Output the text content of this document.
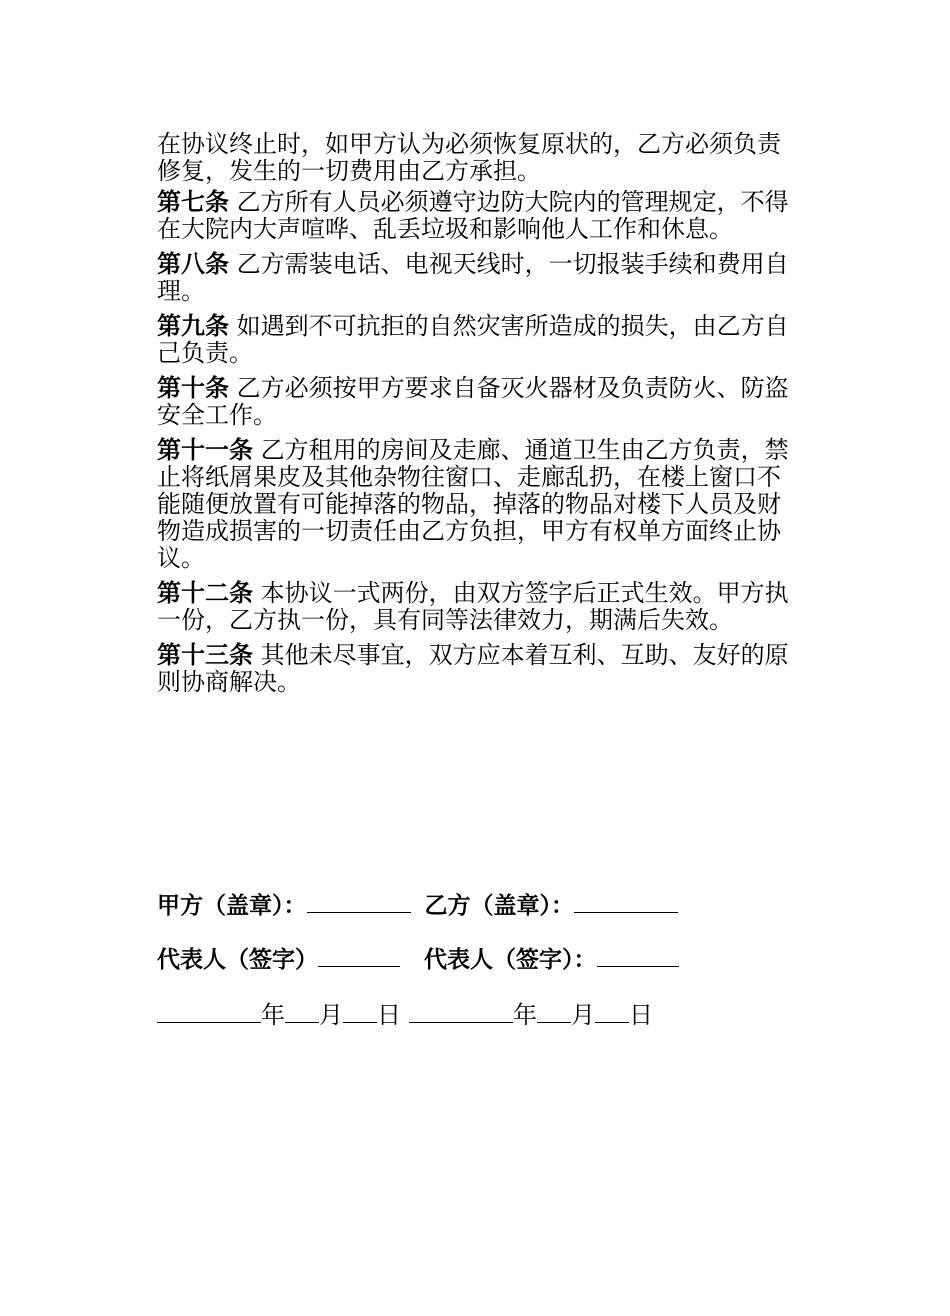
在协议终止时，如甲方认为必须恢复原状的，乙方必须负责修复，发生的一切费用由乙方承担。

第七条 乙方所有人员必须遵守边防大院内的管理规定，不得在大院内大声喧哗、乱丢垃圾和影响他人工作和休息。

第八条 乙方需装电话、电视天线时，一切报装手续和费用自理。

第九条 如遇到不可抗拒的自然灾害所造成的损失，由乙方自己负责。

第十条 乙方必须按甲方要求自备灭火器材及负责防火、防盗安全工作。

第十一条 乙方租用的房间及走廊、通道卫生由乙方负责，禁止将纸屑果皮及其他杂物往窗口、走廊乱扔，在楼上窗口不能随便放置有可能掉落的物品，掉落的物品对楼下人员及财物造成损害的一切责任由乙方负担，甲方有权单方面终止协议。

第十二条 本协议一式两份，由双方签字后正式生效。甲方执一份，乙方执一份，具有同等法律效力，期满后失效。

第十三条 其他未尽事宜，双方应本着互利、互助、友好的原则协商解决。

甲方（盖章）：	乙方（盖章）：
代表人（签字）	代表人（签字）：
年 月 日	年 月 日
